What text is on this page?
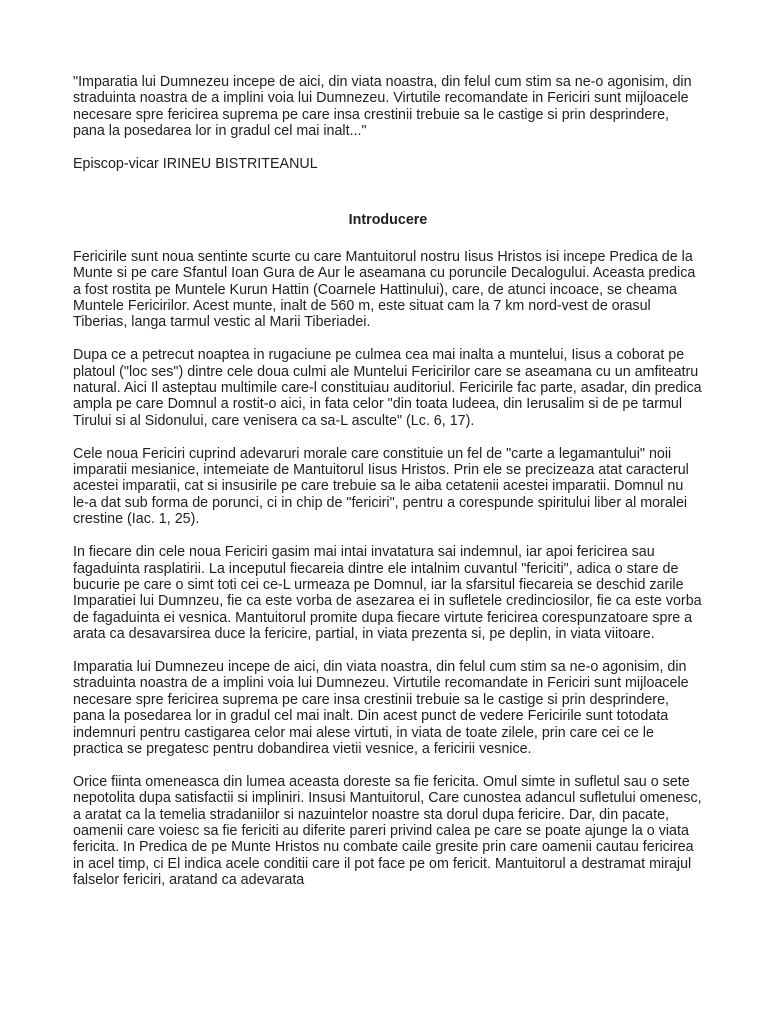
"Imparatia lui Dumnezeu incepe de aici, din viata noastra, din felul cum stim sa ne-o agonisim, din straduinta noastra de a implini voia lui Dumnezeu. Virtutile recomandate in Fericiri sunt mijloacele necesare spre fericirea suprema pe care insa crestinii trebuie sa le castige si prin desprindere, pana la posedarea lor in gradul cel mai inalt..."

Episcop-vicar IRINEU BISTRITEANUL

Introducere

Fericirile sunt noua sentinte scurte cu care Mantuitorul nostru Iisus Hristos isi incepe Predica de la Munte si pe care Sfantul Ioan Gura de Aur le aseamana cu poruncile Decalogului. Aceasta predica a fost rostita pe Muntele Kurun Hattin (Coarnele Hattinului), care, de atunci incoace, se cheama Muntele Fericirilor. Acest munte, inalt de 560 m, este situat cam la 7 km nord-vest de orasul Tiberias, langa tarmul vestic al Marii Tiberiadei.

Dupa ce a petrecut noaptea in rugaciune pe culmea cea mai inalta a muntelui, Iisus a coborat pe platoul ("loc ses") dintre cele doua culmi ale Muntelui Fericirilor care se aseamana cu un amfiteatru natural. Aici Il asteptau multimile care-l constituiau auditoriul. Fericirile fac parte, asadar, din predica ampla pe care Domnul a rostit-o aici, in fata celor "din toata Iudeea, din Ierusalim si de pe tarmul Tirului si al Sidonului, care venisera ca sa-L asculte" (Lc. 6, 17).

Cele noua Fericiri cuprind adevaruri morale care constituie un fel de "carte a legamantului" noii imparatii mesianice, intemeiate de Mantuitorul Iisus Hristos. Prin ele se precizeaza atat caracterul acestei imparatii, cat si insusirile pe care trebuie sa le aiba cetatenii acestei imparatii. Domnul nu le-a dat sub forma de porunci, ci in chip de "fericiri", pentru a corespunde spiritului liber al moralei crestine (Iac. 1, 25).

In fiecare din cele noua Fericiri gasim mai intai invatatura sai indemnul, iar apoi fericirea sau fagaduinta rasplatirii. La inceputul fiecareia dintre ele intalnim cuvantul "fericiti", adica o stare de bucurie pe care o simt toti cei ce-L urmeaza pe Domnul, iar la sfarsitul fiecareia se deschid zarile Imparatiei lui Dumnzeu, fie ca este vorba de asezarea ei in sufletele credinciosilor, fie ca este vorba de fagaduinta ei vesnica. Mantuitorul promite dupa fiecare virtute fericirea corespunzatoare spre a arata ca desavarsirea duce la fericire, partial, in viata prezenta si, pe deplin, in viata viitoare.

Imparatia lui Dumnezeu incepe de aici, din viata noastra, din felul cum stim sa ne-o agonisim, din straduinta noastra de a implini voia lui Dumnezeu. Virtutile recomandate in Fericiri sunt mijloacele necesare spre fericirea suprema pe care insa crestinii trebuie sa le castige si prin desprindere, pana la posedarea lor in gradul cel mai inalt. Din acest punct de vedere Fericirile sunt totodata indemnuri pentru castigarea celor mai alese virtuti, in viata de toate zilele, prin care cei ce le practica se pregatesc pentru dobandirea vietii vesnice, a fericirii vesnice.

Orice fiinta omeneasca din lumea aceasta doreste sa fie fericita. Omul simte in sufletul sau o sete nepotolita dupa satisfactii si impliniri. Insusi Mantuitorul, Care cunostea adancul sufletului omenesc, a aratat ca la temelia stradaniilor si nazuintelor noastre sta dorul dupa fericire. Dar, din pacate, oamenii care voiesc sa fie fericiti au diferite pareri privind calea pe care se poate ajunge la o viata fericita. In Predica de pe Munte Hristos nu combate caile gresite prin care oamenii cautau fericirea in acel timp, ci El indica acele conditii care il pot face pe om fericit. Mantuitorul a destramat mirajul falselor fericiri, aratand ca adevarata
